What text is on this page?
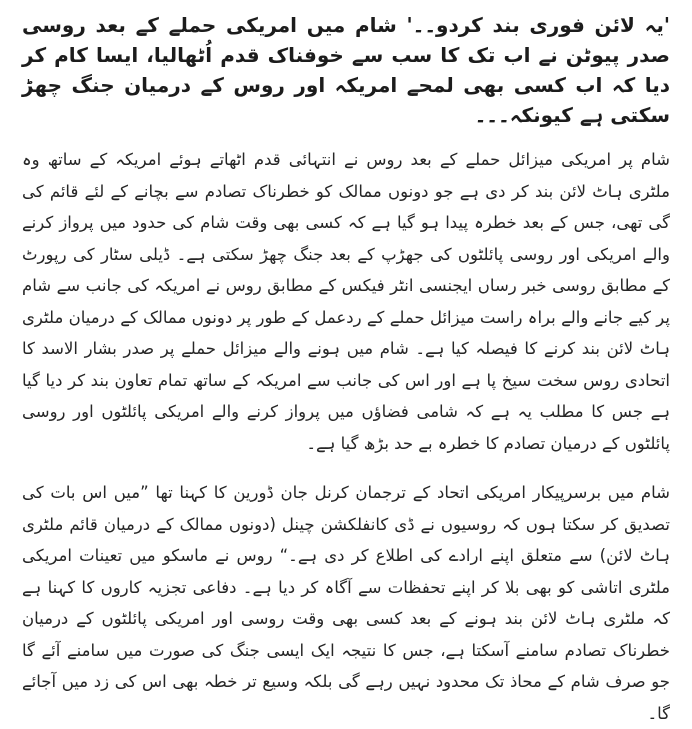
'یہ لائن فوری بند کردو۔۔' شام میں امریکی حملے کے بعد روسی صدر پیوٹن نے اب تک کا سب سے خوفناک قدم اُٹھالیا، ایسا کام کر دیا کہ اب کسی بھی لمحے امریکہ اور روس کے درمیان جنگ چھڑ سکتی ہے کیونکہ۔۔۔

شام پر امریکی میزائل حملے کے بعد روس نے انتہائی قدم اٹھاتے ہوئے امریکہ کے ساتھ وہ ملٹری ہاٹ لائن بند کر دی ہے جو دونوں ممالک کو خطرناک تصادم سے بچانے کے لئے قائم کی گی تھی، جس کے بعد خطرہ پیدا ہو گیا ہے کہ کسی بھی وقت شام کی حدود میں پرواز کرنے والے امریکی اور روسی پائلٹوں کی جھڑپ کے بعد جنگ چھڑ سکتی ہے۔ ڈیلی سٹار کی رپورٹ کے مطابق روسی خبر رساں ایجنسی انٹر فیکس کے مطابق روس نے امریکہ کی جانب سے شام پر کیے جانے والے براہ راست میزائل حملے کے ردعمل کے طور پر دونوں ممالک کے درمیان ملٹری ہاٹ لائن بند کرنے کا فیصلہ کیا ہے۔ شام میں ہونے والے میزائل حملے پر صدر بشار الاسد کا اتحادی روس سخت سیخ پا ہے اور اس کی جانب سے امریکہ کے ساتھ تمام تعاون بند کر دیا گیا ہے جس کا مطلب یہ ہے کہ شامی فضاؤں میں پرواز کرنے والے امریکی پائلٹوں اور روسی پائلٹوں کے درمیان تصادم کا خطرہ بے حد بڑھ گیا ہے۔

شام میں برسرپیکار امریکی اتحاد کے ترجمان کرنل جان ڈورین کا کہنا تھا ”میں اس بات کی تصدیق کر سکتا ہوں کہ روسیوں نے ڈی کانفلکشن چینل (دونوں ممالک کے درمیان قائم ملٹری ہاٹ لائن) سے متعلق اپنے ارادے کی اطلاع کر دی ہے۔“ روس نے ماسکو میں تعینات امریکی ملٹری اتاشی کو بھی بلا کر اپنے تحفظات سے آگاہ کر دیا ہے۔ دفاعی تجزیہ کاروں کا کہنا ہے کہ ملٹری ہاٹ لائن بند ہونے کے بعد کسی بھی وقت روسی اور امریکی پائلٹوں کے درمیان خطرناک تصادم سامنے آسکتا ہے، جس کا نتیجہ ایک ایسی جنگ کی صورت میں سامنے آئے گا جو صرف شام کے محاذ تک محدود نہیں رہے گی بلکہ وسیع تر خطہ بھی اس کی زد میں آجائے گا۔
